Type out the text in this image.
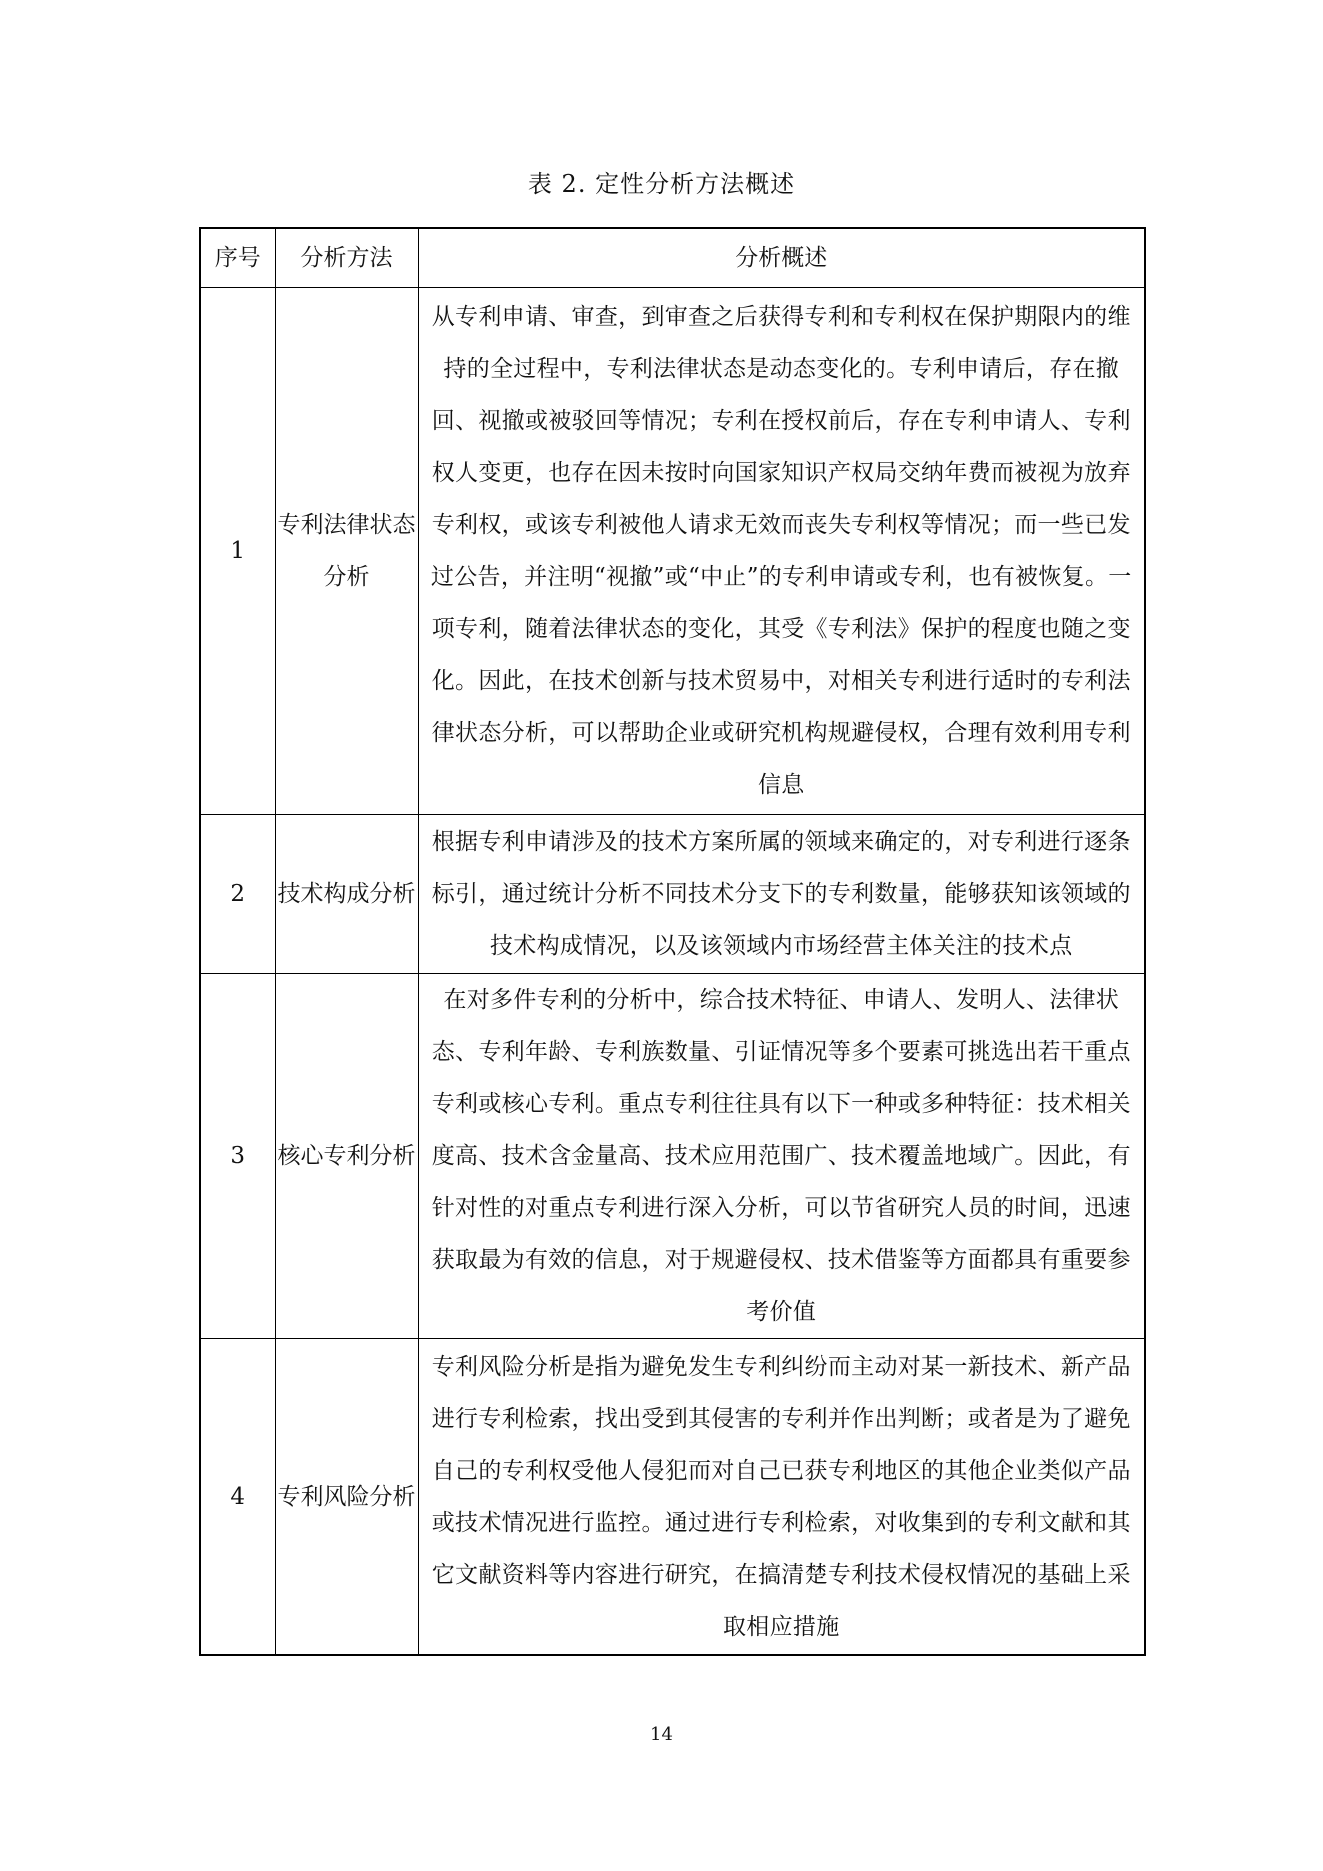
表 2. 定性分析方法概述
序号	分析方法	分析概述
1	专利法律状态分析	从专利申请、审查，到审查之后获得专利和专利权在保护期限内的维持的全过程中，专利法律状态是动态变化的。专利申请后，存在撤回、视撤或被驳回等情况；专利在授权前后，存在专利申请人、专利权人变更，也存在因未按时向国家知识产权局交纳年费而被视为放弃专利权，或该专利被他人请求无效而丧失专利权等情况；而一些已发过公告，并注明“视撤”或“中止”的专利申请或专利，也有被恢复。一项专利，随着法律状态的变化，其受《专利法》保护的程度也随之变化。因此，在技术创新与技术贸易中，对相关专利进行适时的专利法律状态分析，可以帮助企业或研究机构规避侵权，合理有效利用专利信息
2	技术构成分析	根据专利申请涉及的技术方案所属的领域来确定的，对专利进行逐条标引，通过统计分析不同技术分支下的专利数量，能够获知该领域的技术构成情况，以及该领域内市场经营主体关注的技术点
3	核心专利分析	在对多件专利的分析中，综合技术特征、申请人、发明人、法律状态、专利年龄、专利族数量、引证情况等多个要素可挑选出若干重点专利或核心专利。重点专利往往具有以下一种或多种特征：技术相关度高、技术含金量高、技术应用范围广、技术覆盖地域广。因此，有针对性的对重点专利进行深入分析，可以节省研究人员的时间，迅速获取最为有效的信息，对于规避侵权、技术借鉴等方面都具有重要参考价值
4	专利风险分析	专利风险分析是指为避免发生专利纠纷而主动对某一新技术、新产品进行专利检索，找出受到其侵害的专利并作出判断；或者是为了避免自己的专利权受他人侵犯而对自己已获专利地区的其他企业类似产品或技术情况进行监控。通过进行专利检索，对收集到的专利文献和其它文献资料等内容进行研究，在搞清楚专利技术侵权情况的基础上采取相应措施
14
